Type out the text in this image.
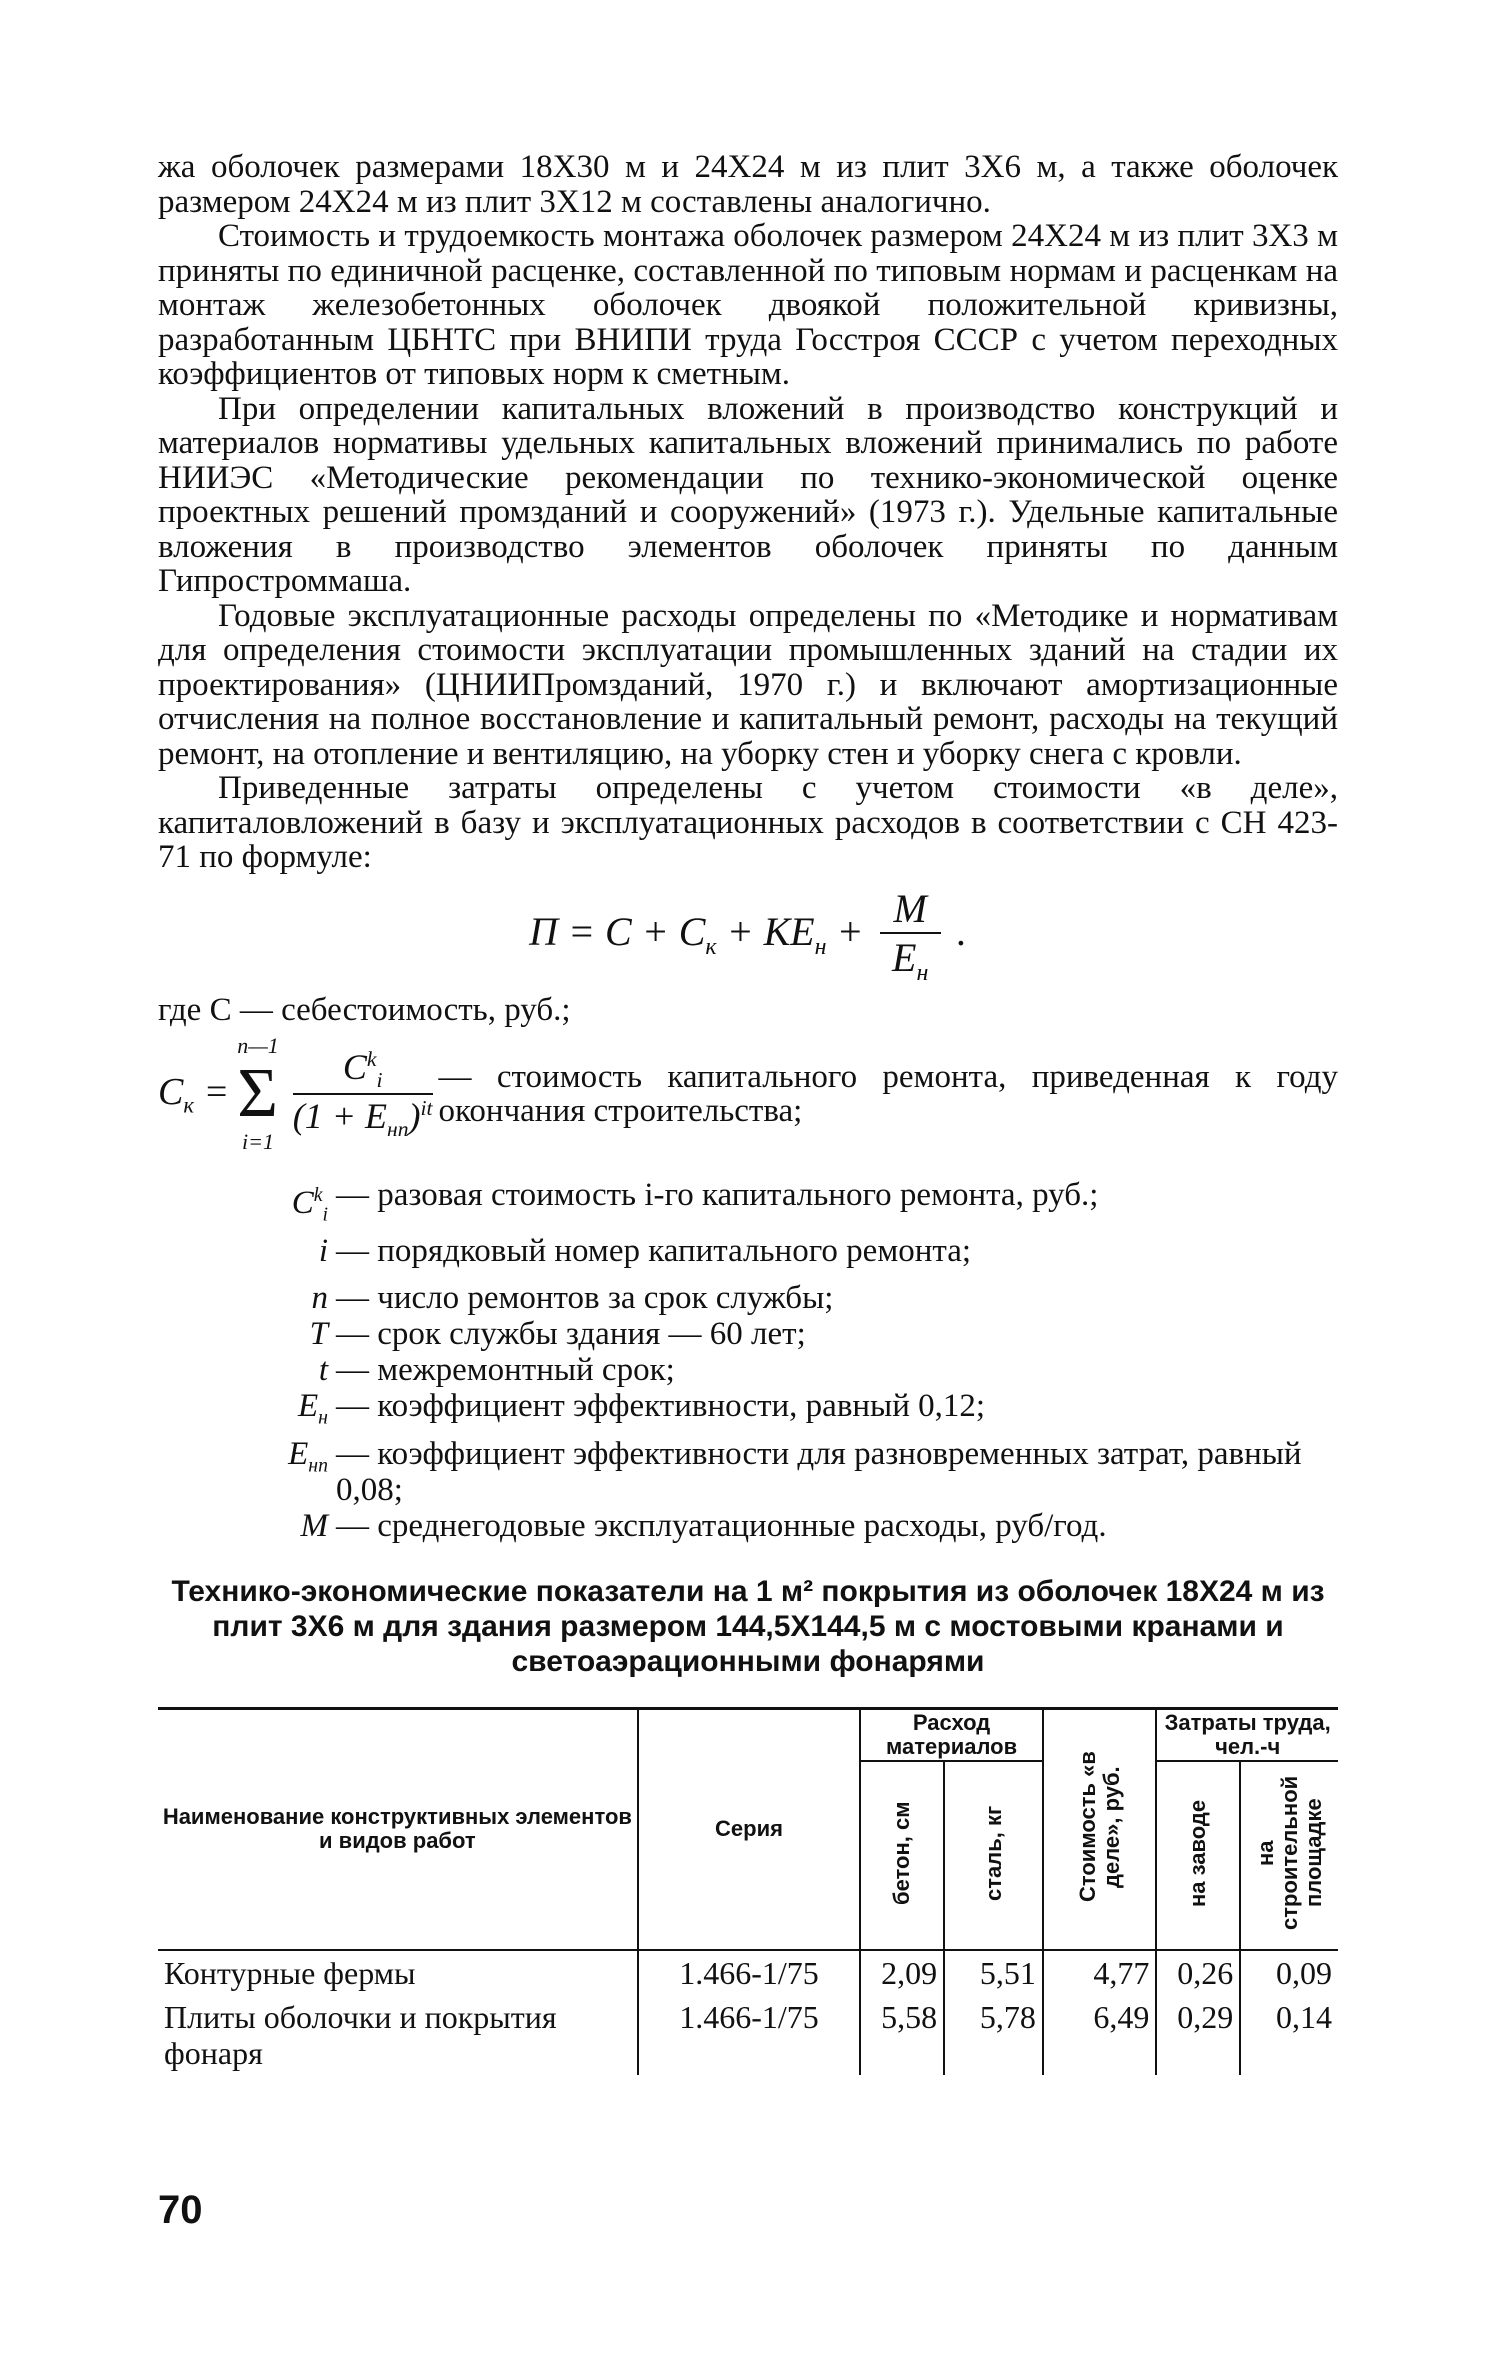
жа оболочек размерами 18X30 м и 24X24 м из плит 3X6 м, а также оболочек размером 24X24 м из плит 3X12 м составлены аналогично.

Стоимость и трудоемкость монтажа оболочек размером 24X24 м из плит 3X3 м приняты по единичной расценке, составленной по типовым нормам и расценкам на монтаж железобетонных оболочек двоякой положительной кривизны, разработанным ЦБНТС при ВНИПИ труда Госстроя СССР с учетом переходных коэффициентов от типовых норм к сметным.

При определении капитальных вложений в производство конструкций и материалов нормативы удельных капитальных вложений принимались по работе НИИЭС «Методические рекомендации по технико-экономической оценке проектных решений промзданий и сооружений» (1973 г.). Удельные капитальные вложения в производство элементов оболочек приняты по данным Гипростроммаша.

Годовые эксплуатационные расходы определены по «Методике и нормативам для определения стоимости эксплуатации промышленных зданий на стадии их проектирования» (ЦНИИПромзданий, 1970 г.) и включают амортизационные отчисления на полное восстановление и капитальный ремонт, расходы на текущий ремонт, на отопление и вентиляцию, на уборку стен и уборку снега с кровли.

Приведенные затраты определены с учетом стоимости «в деле», капиталовложений в базу и эксплуатационных расходов в соответствии с СН 423-71 по формуле:

$П = С + С_к + КЕ_н + \frac{М}{Е_н}$ .

где С — себестоимость, руб.;

$С_к$ =
n—1
Σ
$i=1 \frac{C^k_i}{(1 + Е_{нп})^{it}}$ — стоимость капитального ремонта, приведенная к году окончания строительства;
$C^k_i$
— разовая стоимость i-го капитального ремонта, руб.;
i — порядковый номер капитального ремонта;
n — число ремонтов за срок службы;
T — срок службы здания — 60 лет;
t — межремонтный срок;
$Е_н$ — коэффициент эффективности, равный 0,12;
$Е_{нп}$ — коэффициент эффективности для разновременных затрат, равный 0,08;
М — среднегодовые эксплуатационные расходы, руб/год.
Технико-экономические показатели на 1 м² покрытия из оболочек 18X24 м из плит 3X6 м для здания размером 144,5X144,5 м с мостовыми кранами и светоаэрационными фонарями
Наименование конструктивных элементов и видов работ	Серия	Расход материалов		Стоимость «в деле», руб.	Затраты труда, чел.-ч	
		бетон, см	сталь, кг		на заводе	на строительной площадке
Контурные фермы	1.466-1/75	2,09	5,51	4,77	0,26	0,09
Плиты оболочки и покрытия фонаря	1.466-1/75	5,58	5,78	6,49	0,29	0,14
70
